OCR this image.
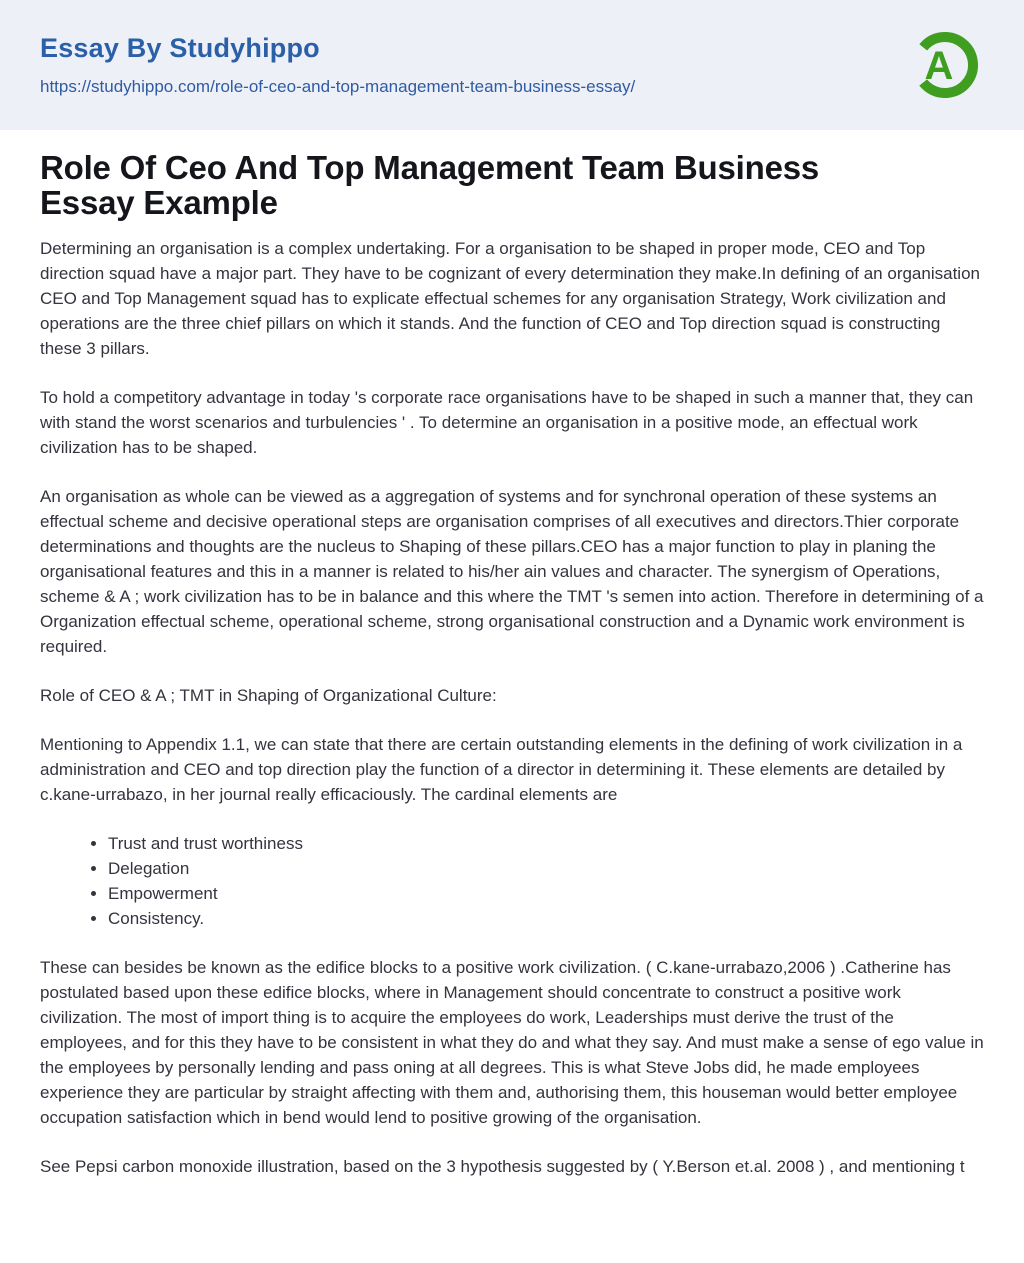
Essay By Studyhippo
https://studyhippo.com/role-of-ceo-and-top-management-team-business-essay/	A
Role Of Ceo And Top Management Team Business Essay Example

Determining an organisation is a complex undertaking. For a organisation to be shaped in proper mode, CEO and Top direction squad have a major part. They have to be cognizant of every determination they make.In defining of an organisation CEO and Top Management squad has to explicate effectual schemes for any organisation Strategy, Work civilization and operations are the three chief pillars on which it stands. And the function of CEO and Top direction squad is constructing these 3 pillars.

To hold a competitory advantage in today 's corporate race organisations have to be shaped in such a manner that, they can with stand the worst scenarios and turbulencies ' . To determine an organisation in a positive mode, an effectual work civilization has to be shaped.

An organisation as whole can be viewed as a aggregation of systems and for synchronal operation of these systems an effectual scheme and decisive operational steps are organisation comprises of all executives and directors.Thier corporate determinations and thoughts are the nucleus to Shaping of these pillars.CEO has a major function to play in planing the organisational features and this in a manner is related to his/her ain values and character. The synergism of Operations, scheme & A ; work civilization has to be in balance and this where the TMT 's semen into action. Therefore in determining of a Organization effectual scheme, operational scheme, strong organisational construction and a Dynamic work environment is required.

Role of CEO & A ; TMT in Shaping of Organizational Culture:

Mentioning to Appendix 1.1, we can state that there are certain outstanding elements in the defining of work civilization in a administration and CEO and top direction play the function of a director in determining it. These elements are detailed by c.kane-urrabazo, in her journal really efficaciously. The cardinal elements are

• Trust and trust worthiness
• Delegation
• Empowerment
• Consistency.

These can besides be known as the edifice blocks to a positive work civilization. ( C.kane-urrabazo,2006 ) .Catherine has postulated based upon these edifice blocks, where in Management should concentrate to construct a positive work civilization. The most of import thing is to acquire the employees do work, Leaderships must derive the trust of the employees, and for this they have to be consistent in what they do and what they say. And must make a sense of ego value in the employees by personally lending and pass oning at all degrees. This is what Steve Jobs did, he made employees experience they are particular by straight affecting with them and, authorising them, this houseman would better employee occupation satisfaction which in bend would lend to positive growing of the organisation.

See Pepsi carbon monoxide illustration, based on the 3 hypothesis suggested by ( Y.Berson et.al. 2008 ) , and mentioning t
